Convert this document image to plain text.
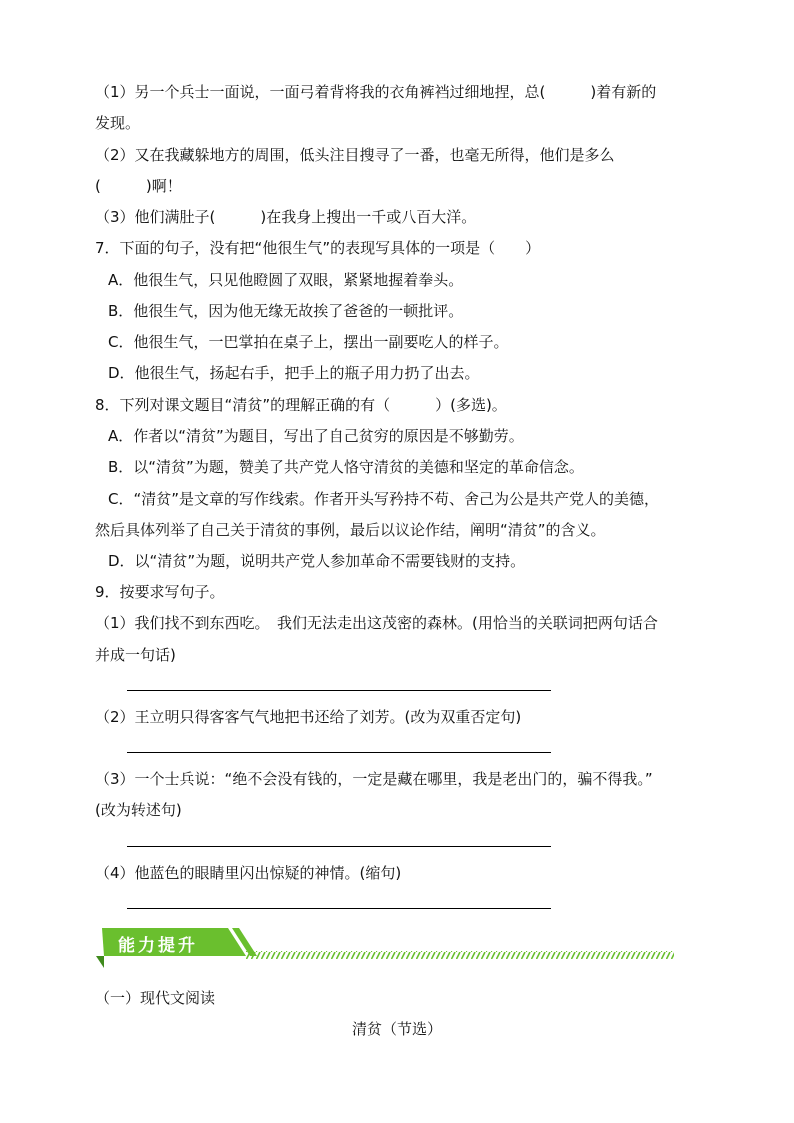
（1）另一个兵士一面说，一面弓着背将我的衣角裤裆过细地捏，总(　　　)着有新的
发现。
（2）又在我藏躲地方的周围，低头注目搜寻了一番，也毫无所得，他们是多么
(　　　)啊！
（3）他们满肚子(　　　)在我身上搜出一千或八百大洋。
7．下面的句子，没有把“他很生气”的表现写具体的一项是（　　）
A．他很生气，只见他瞪圆了双眼，紧紧地握着拳头。
B．他很生气，因为他无缘无故挨了爸爸的一顿批评。
C．他很生气，一巴掌拍在桌子上，摆出一副要吃人的样子。
D．他很生气，扬起右手，把手上的瓶子用力扔了出去。
8．下列对课文题目“清贫”的理解正确的有（　　　）(多选)。
A．作者以“清贫”为题目，写出了自己贫穷的原因是不够勤劳。
B．以“清贫”为题，赞美了共产党人恪守清贫的美德和坚定的革命信念。
C．“清贫”是文章的写作线索。作者开头写矜持不苟、舍己为公是共产党人的美德，
然后具体列举了自己关于清贫的事例，最后以议论作结，阐明“清贫”的含义。
D．以“清贫”为题，说明共产党人参加革命不需要钱财的支持。
9．按要求写句子。
（1）我们找不到东西吃。　我们无法走出这茂密的森林。(用恰当的关联词把两句话合
并成一句话)
（2）王立明只得客客气气地把书还给了刘芳。(改为双重否定句)
（3）一个士兵说：“绝不会没有钱的，一定是藏在哪里，我是老出门的，骗不得我。”
(改为转述句)
（4）他蓝色的眼睛里闪出惊疑的神情。(缩句)
能力提升
（一）现代文阅读
清贫（节选）
